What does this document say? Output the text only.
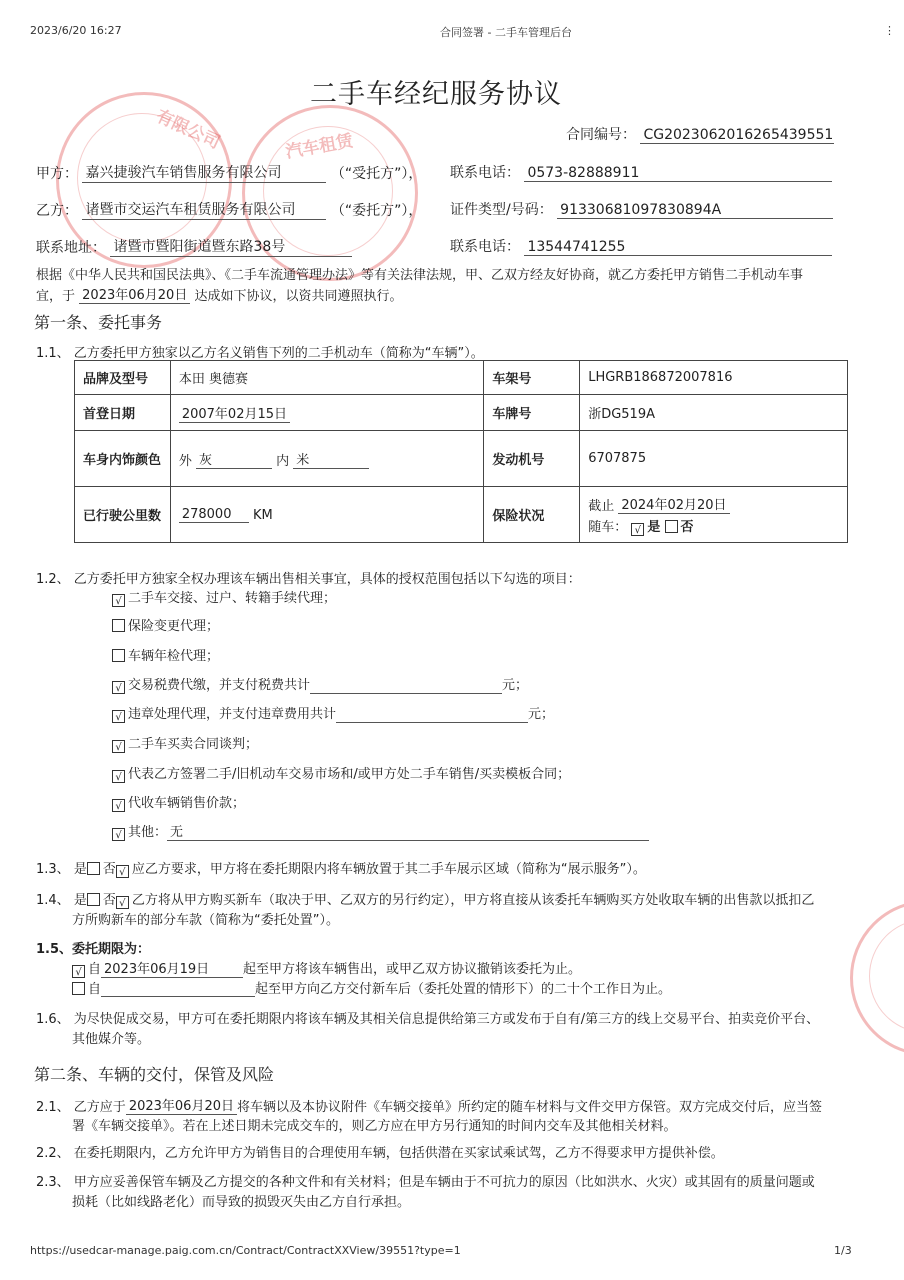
2023/6/20 16:27	合同签署 - 二手车管理后台	⋮
有限公司	汽车租赁
二手车经纪服务协议
合同编号： CG2023062016265439551
甲方： 嘉兴捷骏汽车销售服务有限公司	（“受托方”）， 联系电话： 0573-82888911
乙方： 诸暨市交运汽车租赁服务有限公司	（“委托方”）， 证件类型/号码： 91330681097830894A
联系地址： 诸暨市暨阳街道暨东路38号	联系电话： 13544741255
根据《中华人民共和国民法典》、《二手车流通管理办法》等有关法律法规，甲、乙双方经友好协商，就乙方委托甲方销售二手机动车事
宜，于 2023年06月20日 达成如下协议，以资共同遵照执行。
第一条、委托事务
1.1、 乙方委托甲方独家以乙方名义销售下列的二手机动车（简称为“车辆”）。
品牌及型号	本田 奥德赛	车架号	LHGRB186872007816
首登日期	2007年02月15日	车牌号	浙DG519A
车身内饰颜色	外 灰 内 米	发动机号	6707875
已行驶公里数	278000 KM	保险状况	截止 2024年02月20日
随车： √ 是 否
1.2、 乙方委托甲方独家全权办理该车辆出售相关事宜，具体的授权范围包括以下勾选的项目：
√ 二手车交接、过户、转籍手续代理；
保险变更代理；
车辆年检代理；
√ 交易税费代缴，并支付税费共计	元；
√ 违章处理代理，并支付违章费用共计	元；
√ 二手车买卖合同谈判；
√ 代表乙方签署二手/旧机动车交易市场和/或甲方处二手车销售/买卖模板合同；
√ 代收车辆销售价款；
√ 其他： 无
1.3、 是 否 √ 应乙方要求，甲方将在委托期限内将车辆放置于其二手车展示区域（简称为“展示服务”）。
1.4、 是 否 √ 乙方将从甲方购买新车（取决于甲、乙双方的另行约定），甲方将直接从该委托车辆购买方处收取车辆的出售款以抵扣乙
方所购新车的部分车款（简称为“委托处置”）。
1.5、委托期限为：
√ 自 2023年06月19日	起至甲方将该车辆售出，或甲乙双方协议撤销该委托为止。
自	起至甲方向乙方交付新车后（委托处置的情形下）的二十个工作日为止。
1.6、 为尽快促成交易，甲方可在委托期限内将该车辆及其相关信息提供给第三方或发布于自有/第三方的线上交易平台、拍卖竞价平台、
其他媒介等。
第二条、车辆的交付，保管及风险
2.1、 乙方应于 2023年06月20日 将车辆以及本协议附件《车辆交接单》所约定的随车材料与文件交甲方保管。双方完成交付后，应当签
署《车辆交接单》。若在上述日期未完成交车的，则乙方应在甲方另行通知的时间内交车及其他相关材料。
2.2、 在委托期限内，乙方允许甲方为销售目的合理使用车辆，包括供潜在买家试乘试驾，乙方不得要求甲方提供补偿。
2.3、 甲方应妥善保管车辆及乙方提交的各种文件和有关材料；但是车辆由于不可抗力的原因（比如洪水、火灾）或其固有的质量问题或
损耗（比如线路老化）而导致的损毁灭失由乙方自行承担。
https://usedcar-manage.paig.com.cn/Contract/ContractXXView/39551?type=1	1/3
